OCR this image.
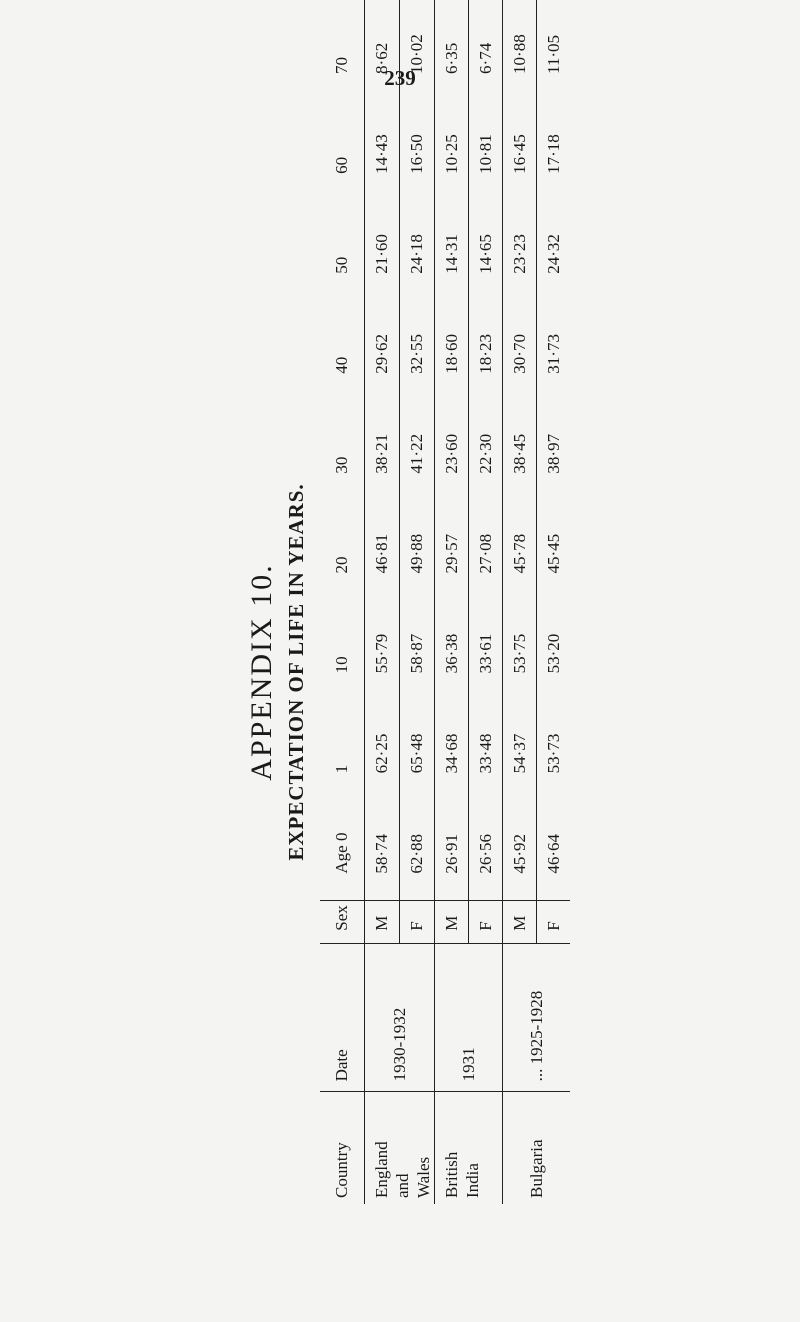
239
APPENDIX 10. EXPECTATION OF LIFE IN YEARS.
Country	Date	Sex	Age 0	1	10	20	30	40	50	60	70

England and Wales	1930-1932	M	58·74	62·25	55·79	46·81	38·21	29·62	21·60	14·43	8·62
		F	62·88	65·48	58·87	49·88	41·22	32·55	24·18	16·50	10·02

British India	1931	M	26·91	34·68	36·38	29·57	23·60	18·60	14·31	10·25	6·35
		F	26·56	33·48	33·61	27·08	22·30	18·23	14·65	10·81	6·74

Bulgaria	... 1925-1928	M	45·92	54·37	53·75	45·78	38·45	30·70	23·23	16·45	10·88
		F	46·64	53·73	53·20	45·45	38·97	31·73	24·32	17·18	11·05
